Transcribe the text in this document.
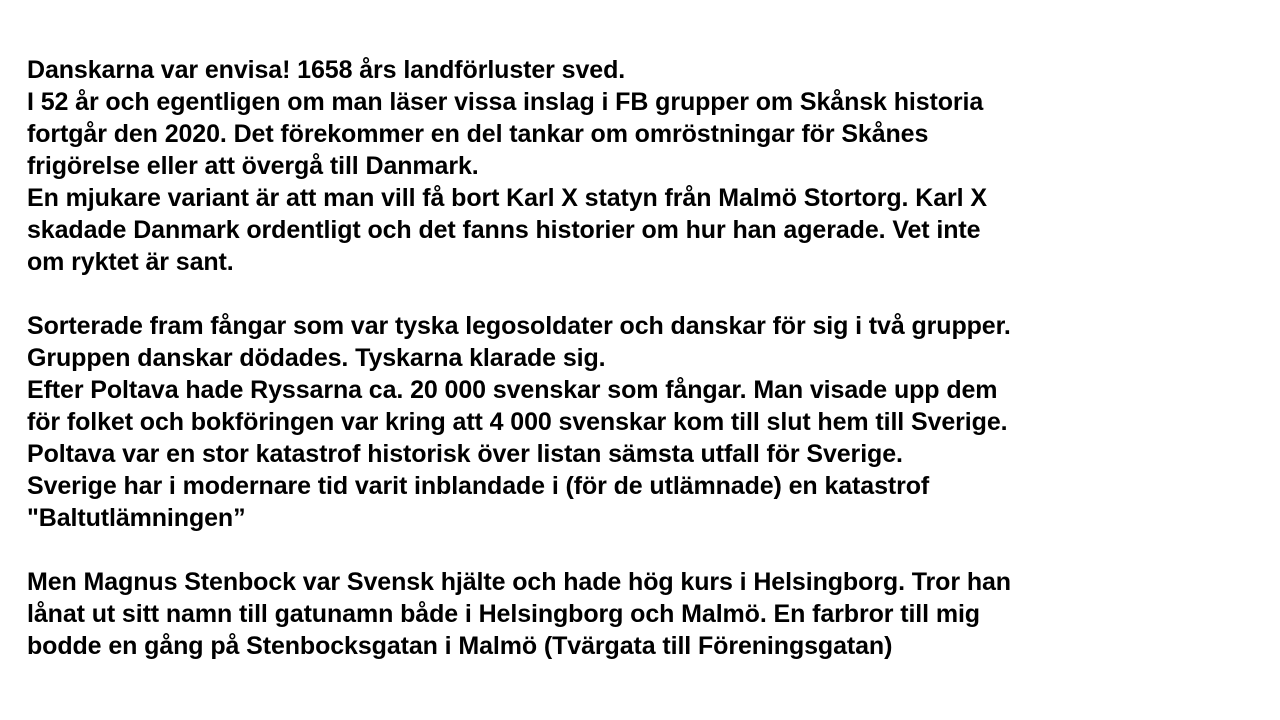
Danskarna var envisa! 1658 års landförluster sved.
I 52 år och egentligen om man läser vissa inslag i FB grupper om Skånsk historia
fortgår den 2020. Det förekommer en del tankar om omröstningar för Skånes
frigörelse eller att övergå till Danmark.
En mjukare variant är att man vill få bort Karl X statyn från Malmö Stortorg. Karl X
skadade Danmark ordentligt och det fanns historier om hur han agerade. Vet inte
om ryktet är sant.
Sorterade fram fångar som var tyska legosoldater och danskar för sig i två grupper.
Gruppen danskar dödades. Tyskarna klarade sig.
Efter Poltava hade Ryssarna ca. 20 000 svenskar som fångar. Man visade upp dem
för folket och bokföringen var kring att 4 000 svenskar kom till slut hem till Sverige.
Poltava var en stor katastrof historisk över listan sämsta utfall för Sverige.
Sverige har i modernare tid varit inblandade i (för de utlämnade) en katastrof
"Baltutlämningen”
Men Magnus Stenbock var Svensk hjälte och hade hög kurs i Helsingborg. Tror han
lånat ut sitt namn till gatunamn både i Helsingborg och Malmö. En farbror till mig
bodde en gång på Stenbocksgatan i Malmö (Tvärgata till Föreningsgatan)
